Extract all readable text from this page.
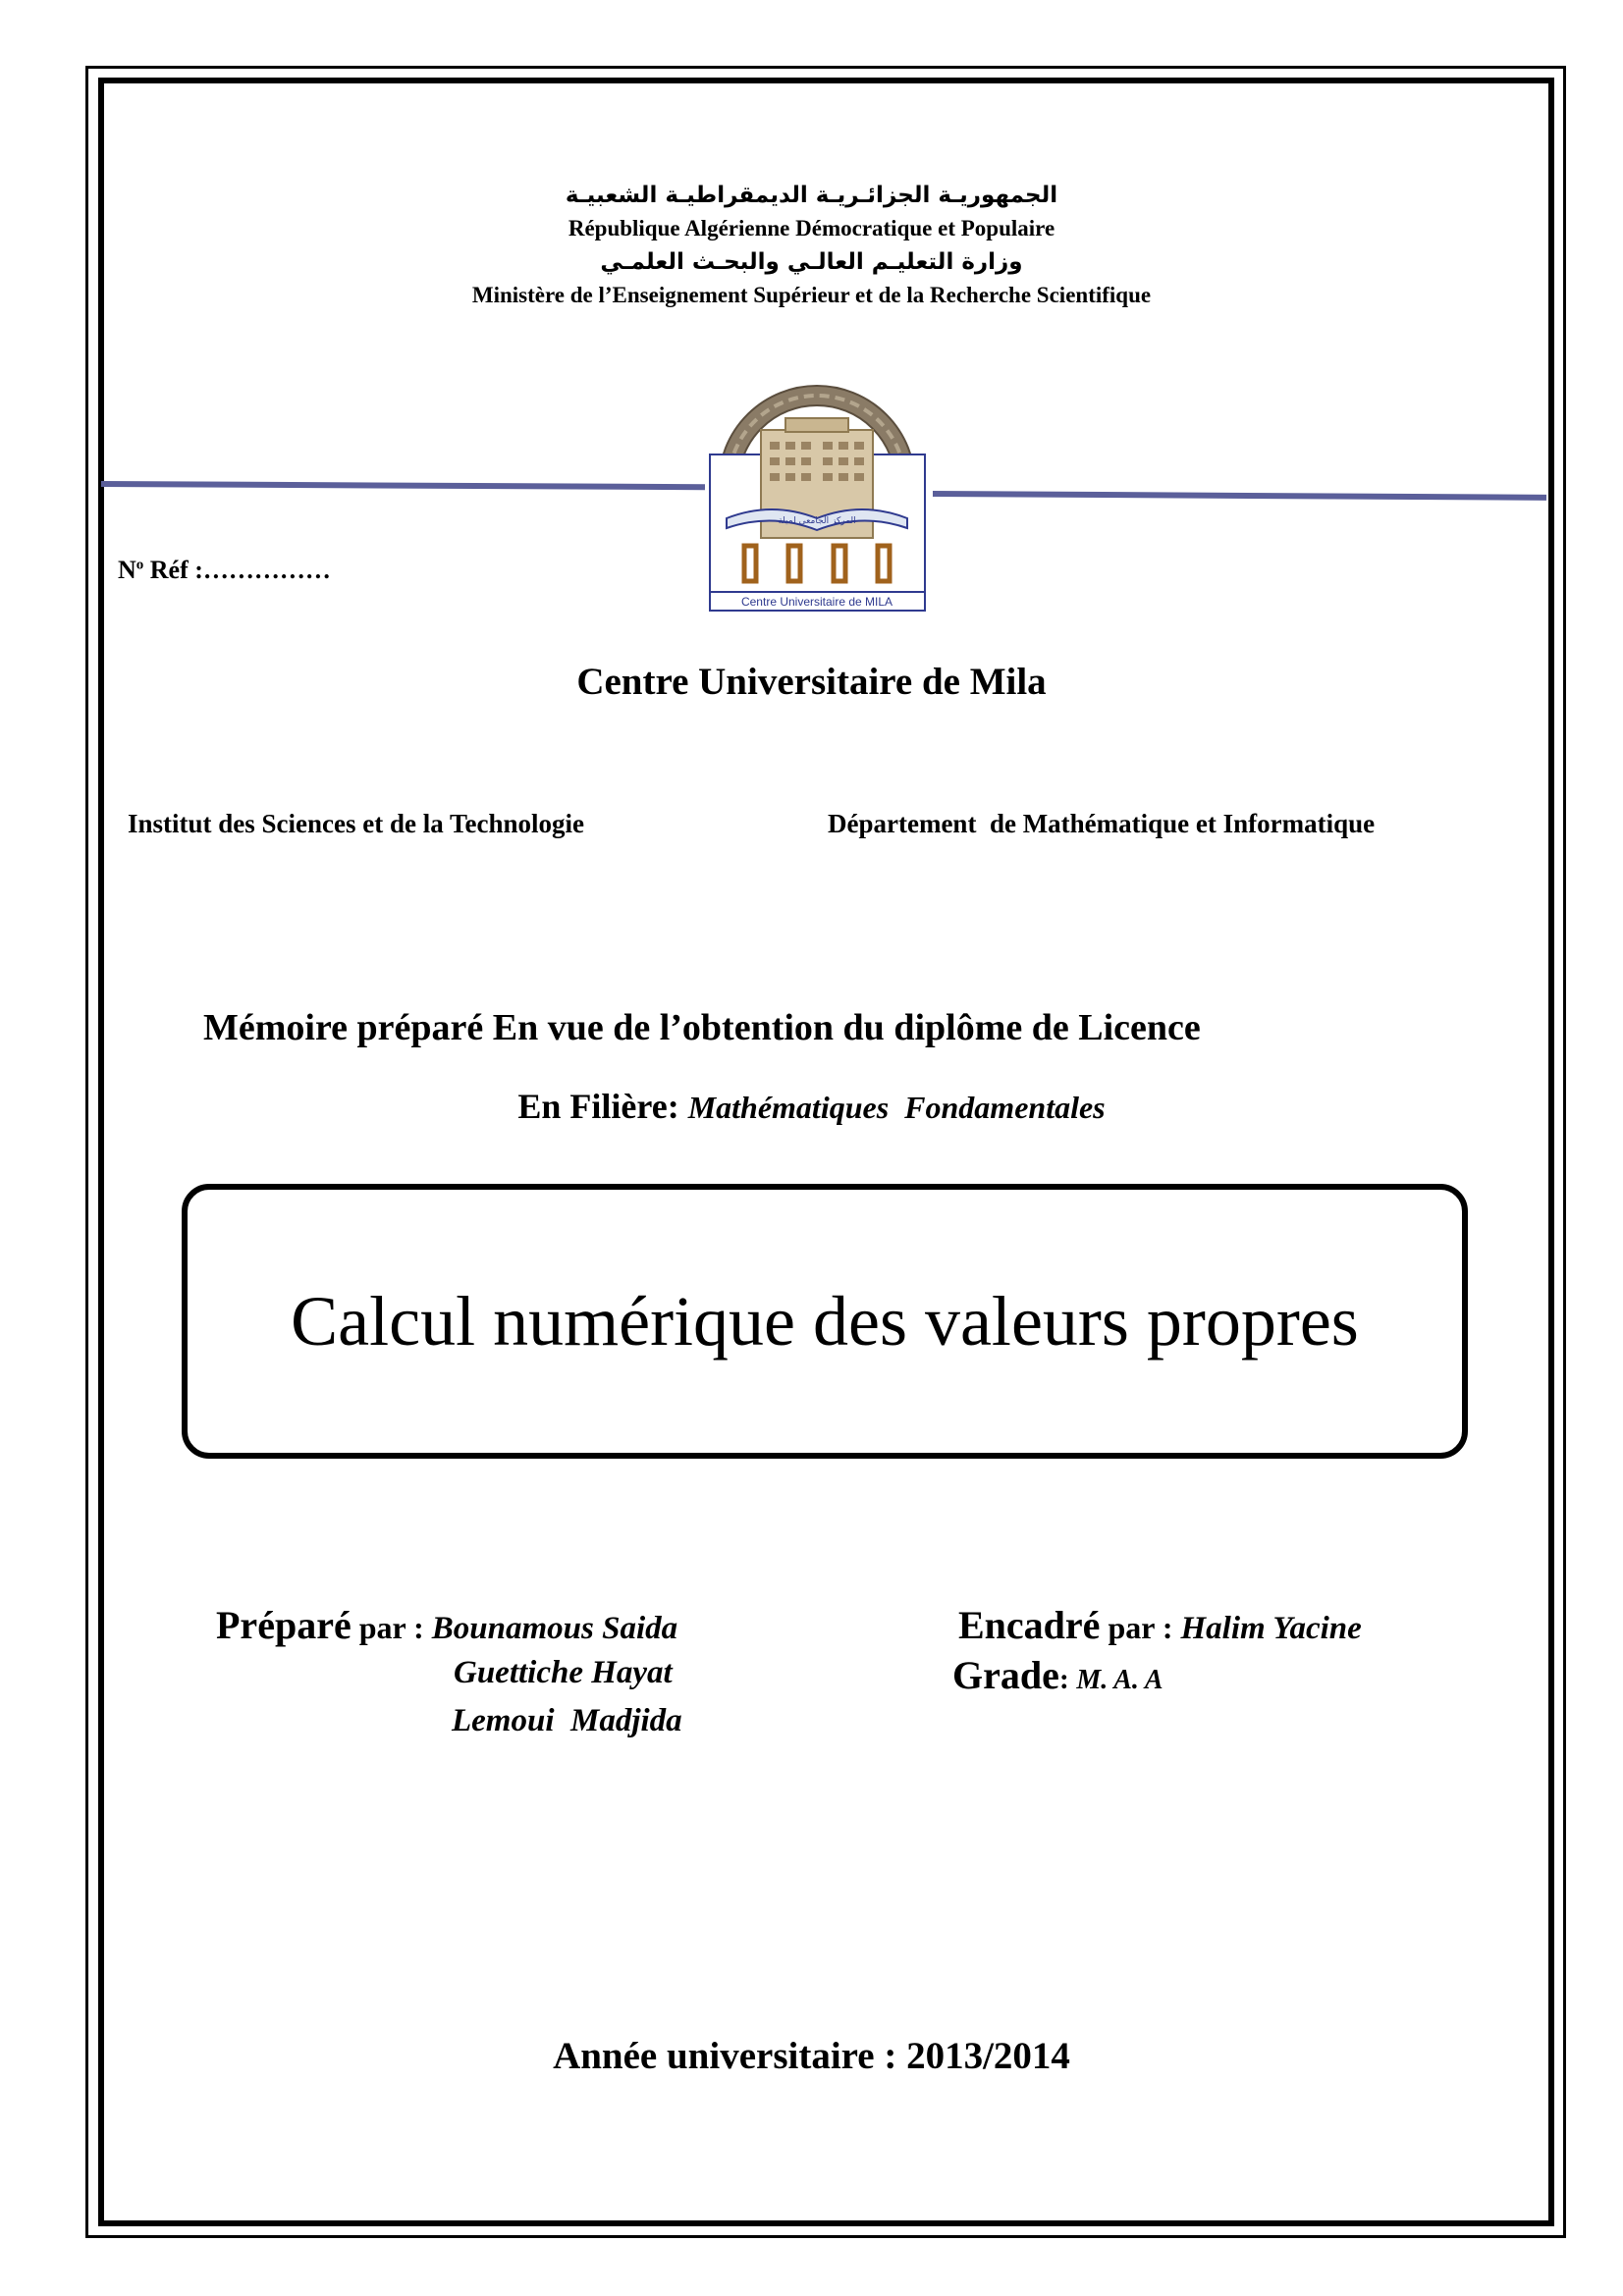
الجمهوريـة الجزائـريـة الديمقراطيـة الشعبيـة
République Algérienne Démocratique et Populaire
وزارة التعليـم العالـي والبحـث العلمـي
Ministère de l’Enseignement Supérieur et de la Recherche Scientifique
المركز الجامعي لميلة
Centre Universitaire de MILA
$N^o$ Réf :……………
Centre Universitaire de Mila
Institut des Sciences et de la Technologie	Département  de Mathématique et Informatique
Mémoire préparé En vue de l’obtention du diplôme de Licence
En Filière: Mathématiques  Fondamentales
Calcul numérique des valeurs propres
Préparé par : Bounamous Saida
Guettiche Hayat
Lemoui  Madjida
Encadré par : Halim Yacine
Grade: M. A. A
Année universitaire : 2013/2014
